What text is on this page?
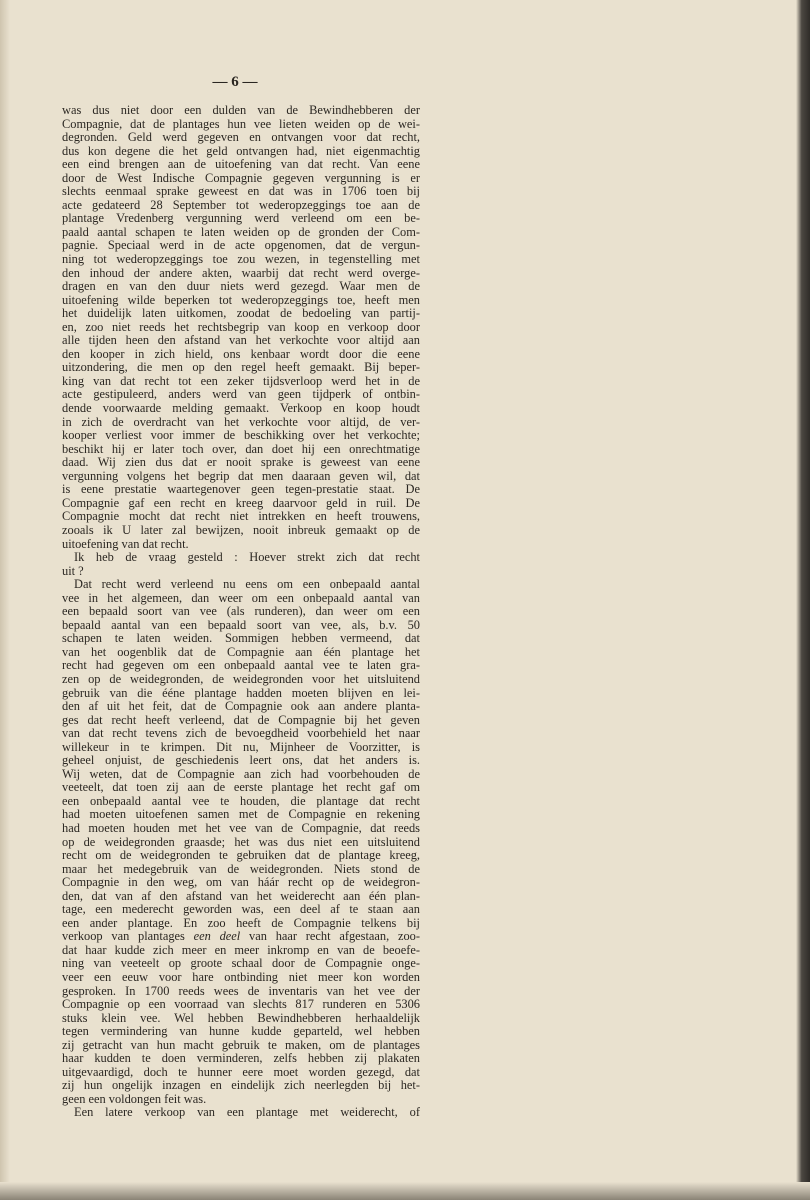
— 6 —
was dus niet door een dulden van de Bewindhebberen der
Compagnie, dat de plantages hun vee lieten weiden op de wei-
degronden. Geld werd gegeven en ontvangen voor dat recht,
dus kon degene die het geld ontvangen had, niet eigenmachtig
een eind brengen aan de uitoefening van dat recht. Van eene
door de West Indische Compagnie gegeven vergunning is er
slechts eenmaal sprake geweest en dat was in 1706 toen bij
acte gedateerd 28 September tot wederopzeggings toe aan de
plantage Vredenberg vergunning werd verleend om een be-
paald aantal schapen te laten weiden op de gronden der Com-
pagnie. Speciaal werd in de acte opgenomen, dat de vergun-
ning tot wederopzeggings toe zou wezen, in tegenstelling met
den inhoud der andere akten, waarbij dat recht werd overge-
dragen en van den duur niets werd gezegd. Waar men de
uitoefening wilde beperken tot wederopzeggings toe, heeft men
het duidelijk laten uitkomen, zoodat de bedoeling van partij-
en, zoo niet reeds het rechtsbegrip van koop en verkoop door
alle tijden heen den afstand van het verkochte voor altijd aan
den kooper in zich hield, ons kenbaar wordt door die eene
uitzondering, die men op den regel heeft gemaakt. Bij beper-
king van dat recht tot een zeker tijdsverloop werd het in de
acte gestipuleerd, anders werd van geen tijdperk of ontbin-
dende voorwaarde melding gemaakt. Verkoop en koop houdt
in zich de overdracht van het verkochte voor altijd, de ver-
kooper verliest voor immer de beschikking over het verkochte;
beschikt hij er later toch over, dan doet hij een onrechtmatige
daad. Wij zien dus dat er nooit sprake is geweest van eene
vergunning volgens het begrip dat men daaraan geven wil, dat
is eene prestatie waartegenover geen tegen-prestatie staat. De
Compagnie gaf een recht en kreeg daarvoor geld in ruil. De
Compagnie mocht dat recht niet intrekken en heeft trouwens,
zooals ik U later zal bewijzen, nooit inbreuk gemaakt op de
uitoefening van dat recht.
Ik heb de vraag gesteld : Hoever strekt zich dat recht
uit ?
Dat recht werd verleend nu eens om een onbepaald aantal
vee in het algemeen, dan weer om een onbepaald aantal van
een bepaald soort van vee (als runderen), dan weer om een
bepaald aantal van een bepaald soort van vee, als, b.v. 50
schapen te laten weiden. Sommigen hebben vermeend, dat
van het oogenblik dat de Compagnie aan één plantage het
recht had gegeven om een onbepaald aantal vee te laten gra-
zen op de weidegronden, de weidegronden voor het uitsluitend
gebruik van die ééne plantage hadden moeten blijven en lei-
den af uit het feit, dat de Compagnie ook aan andere planta-
ges dat recht heeft verleend, dat de Compagnie bij het geven
van dat recht tevens zich de bevoegdheid voorbehield het naar
willekeur in te krimpen. Dit nu, Mijnheer de Voorzitter, is
geheel onjuist, de geschiedenis leert ons, dat het anders is.
Wij weten, dat de Compagnie aan zich had voorbehouden de
veeteelt, dat toen zij aan de eerste plantage het recht gaf om
een onbepaald aantal vee te houden, die plantage dat recht
had moeten uitoefenen samen met de Compagnie en rekening
had moeten houden met het vee van de Compagnie, dat reeds
op de weidegronden graasde; het was dus niet een uitsluitend
recht om de weidegronden te gebruiken dat de plantage kreeg,
maar het medegebruik van de weidegronden. Niets stond de
Compagnie in den weg, om van háár recht op de weidegron-
den, dat van af den afstand van het weiderecht aan één plan-
tage, een mederecht geworden was, een deel af te staan aan
een ander plantage. En zoo heeft de Compagnie telkens bij
verkoop van plantages een deel van haar recht afgestaan, zoo-
dat haar kudde zich meer en meer inkromp en van de beoefe-
ning van veeteelt op groote schaal door de Compagnie onge-
veer een eeuw voor hare ontbinding niet meer kon worden
gesproken. In 1700 reeds wees de inventaris van het vee der
Compagnie op een voorraad van slechts 817 runderen en 5306
stuks klein vee. Wel hebben Bewindhebberen herhaaldelijk
tegen vermindering van hunne kudde geparteld, wel hebben
zij getracht van hun macht gebruik te maken, om de plantages
haar kudden te doen verminderen, zelfs hebben zij plakaten
uitgevaardigd, doch te hunner eere moet worden gezegd, dat
zij hun ongelijk inzagen en eindelijk zich neerlegden bij het-
geen een voldongen feit was.
Een latere verkoop van een plantage met weiderecht, of
